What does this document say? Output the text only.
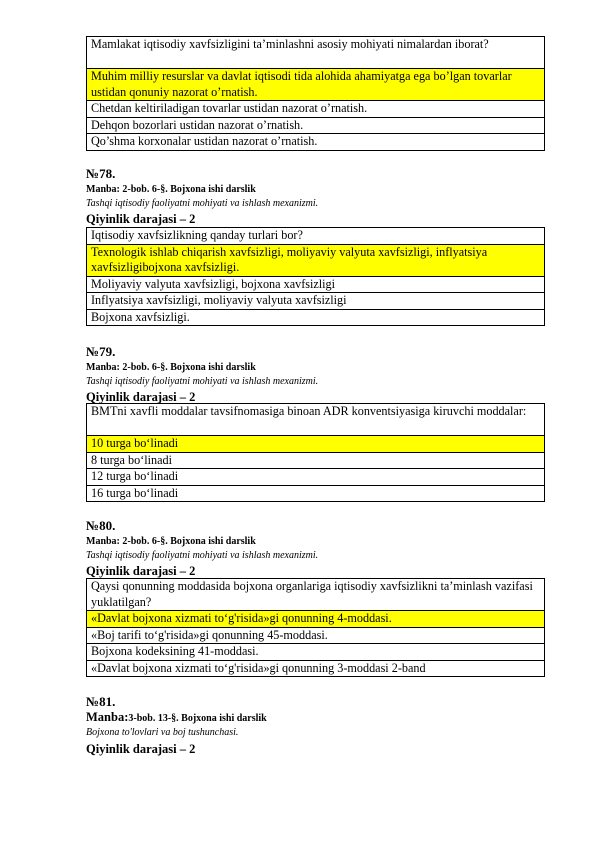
Mamlakat iqtisodiy xavfsizligini ta’minlashni asosiy mohiyati nimalardan iborat?
Muhim milliy resurslar va davlat iqtisodi tida alohida ahamiyatga ega bo’lgan tovarlar ustidan qonuniy nazorat o’rnatish.
Chetdan keltiriladigan tovarlar ustidan nazorat o’rnatish.
Dehqon bozorlari ustidan nazorat o’rnatish.
Qo’shma korxonalar ustidan nazorat o’rnatish.
№78.
Manba: 2-bob. 6-§. Bojxona ishi darslik
Tashqi iqtisodiy faoliyatni mohiyati va ishlash mexanizmi.
Qiyinlik darajasi – 2
Iqtisodiy xavfsizlikning qanday turlari bor?
Texnologik ishlab chiqarish xavfsizligi, moliyaviy valyuta xavfsizligi, inflyatsiya xavfsizligibojxona xavfsizligi.
Moliyaviy valyuta xavfsizligi, bojxona xavfsizligi
Inflyatsiya xavfsizligi, moliyaviy valyuta xavfsizligi
Bojxona xavfsizligi.
№79.
Manba: 2-bob. 6-§. Bojxona ishi darslik
Tashqi iqtisodiy faoliyatni mohiyati va ishlash mexanizmi.
Qiyinlik darajasi – 2
BMTni xavfli moddalar tavsifnomasiga binoan ADR konventsiyasiga kiruvchi moddalar:
10 turga bo‘linadi
8 turga bo‘linadi
12 turga bo‘linadi
16 turga bo‘linadi
№80.
Manba: 2-bob. 6-§. Bojxona ishi darslik
Tashqi iqtisodiy faoliyatni mohiyati va ishlash mexanizmi.
Qiyinlik darajasi – 2
Qaysi qonunning moddasida bojxona organlariga iqtisodiy xavfsizlikni ta’minlash vazifasi yuklatilgan?
«Davlat bojxona xizmati to‘g'risida»gi qonunning 4-moddasi.
«Boj tarifi to‘g'risida»gi qonunning 45-moddasi.
Bojxona kodeksining 41-moddasi.
«Davlat bojxona xizmati to‘g'risida»gi qonunning 3-moddasi 2-band
№81.
Manba:3-bob. 13-§. Bojxona ishi darslik
Bojxona to'lovlari va boj tushunchasi.
Qiyinlik darajasi – 2
